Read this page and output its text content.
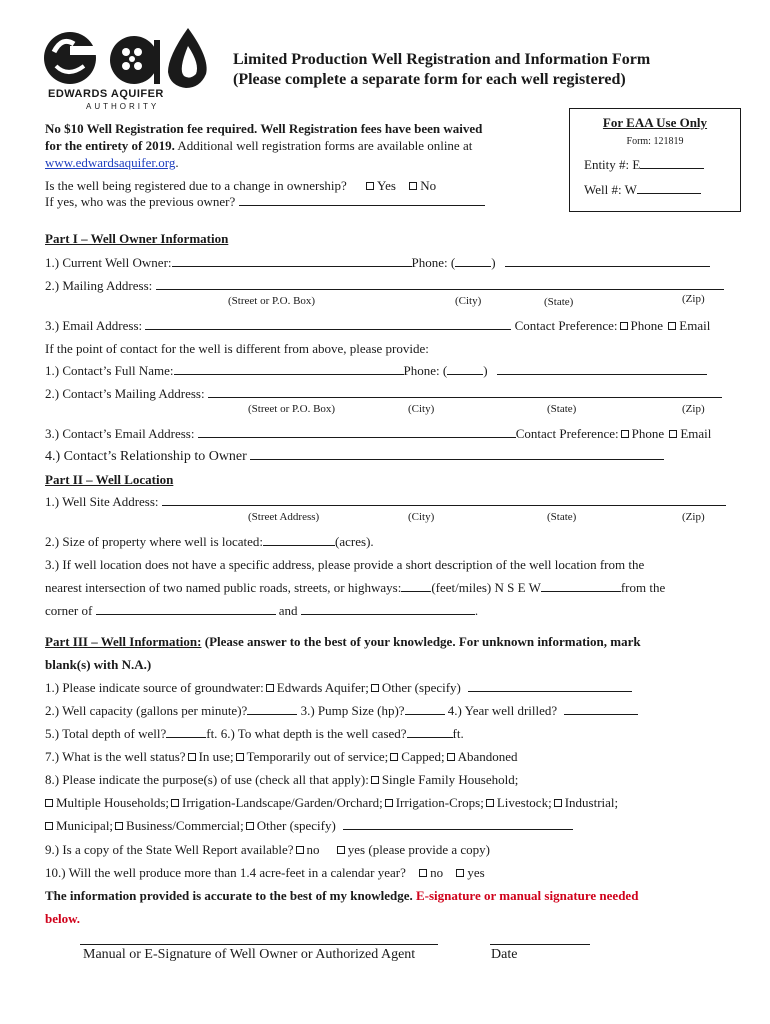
EDWARDS AQUIFER
AUTHORITY
Limited Production Well Registration and Information Form
(Please complete a separate form for each well registered)
For EAA Use Only
Form: 121819
Entity #: E
Well #: W
No $10 Well Registration fee required. Well Registration fees have been waived
for the entirety of 2019. Additional well registration forms are available online at
www.edwardsaquifer.org.
Is the well being registered due to a change in ownership? Yes No
If yes, who was the previous owner?
Part I – Well Owner Information
1.) Current Well Owner:	Phone: (	)
2.) Mailing Address:
(Street or P.O. Box)	(City)	(State)	(Zip)
3.) Email Address:	Contact Preference: Phone Email
If the point of contact for the well is different from above, please provide:
1.) Contact’s Full Name:	Phone: (	)
2.) Contact’s Mailing Address:
(Street or P.O. Box)	(City)	(State)	(Zip)
3.) Contact’s Email Address:	Contact Preference: Phone Email
4.) Contact’s Relationship to Owner
Part II – Well Location
1.) Well Site Address:
(Street Address)	(City)	(State)	(Zip)
2.) Size of property where well is located:	(acres).
3.) If well location does not have a specific address, please provide a short description of the well location from the
nearest intersection of two named public roads, streets, or highways: (feet/miles) N S E W	from the
corner of	and	.
Part III – Well Information: (Please answer to the best of your knowledge. For unknown information, mark
blank(s) with N.A.)
1.) Please indicate source of groundwater: Edwards Aquifer; Other (specify)
2.) Well capacity (gallons per minute)?	3.) Pump Size (hp)?	4.) Year well drilled?
5.) Total depth of well?	ft. 6.) To what depth is the well cased?	ft.
7.) What is the well status? In use; Temporarily out of service; Capped; Abandoned
8.) Please indicate the purpose(s) of use (check all that apply): Single Family Household;
Multiple Households; Irrigation-Landscape/Garden/Orchard; Irrigation-Crops; Livestock; Industrial;
Municipal; Business/Commercial; Other (specify)
9.) Is a copy of the State Well Report available? no yes (please provide a copy)
10.) Will the well produce more than 1.4 acre-feet in a calendar year? no yes
The information provided is accurate to the best of my knowledge. E-signature or manual signature needed
below.
Manual or E-Signature of Well Owner or Authorized Agent	Date
